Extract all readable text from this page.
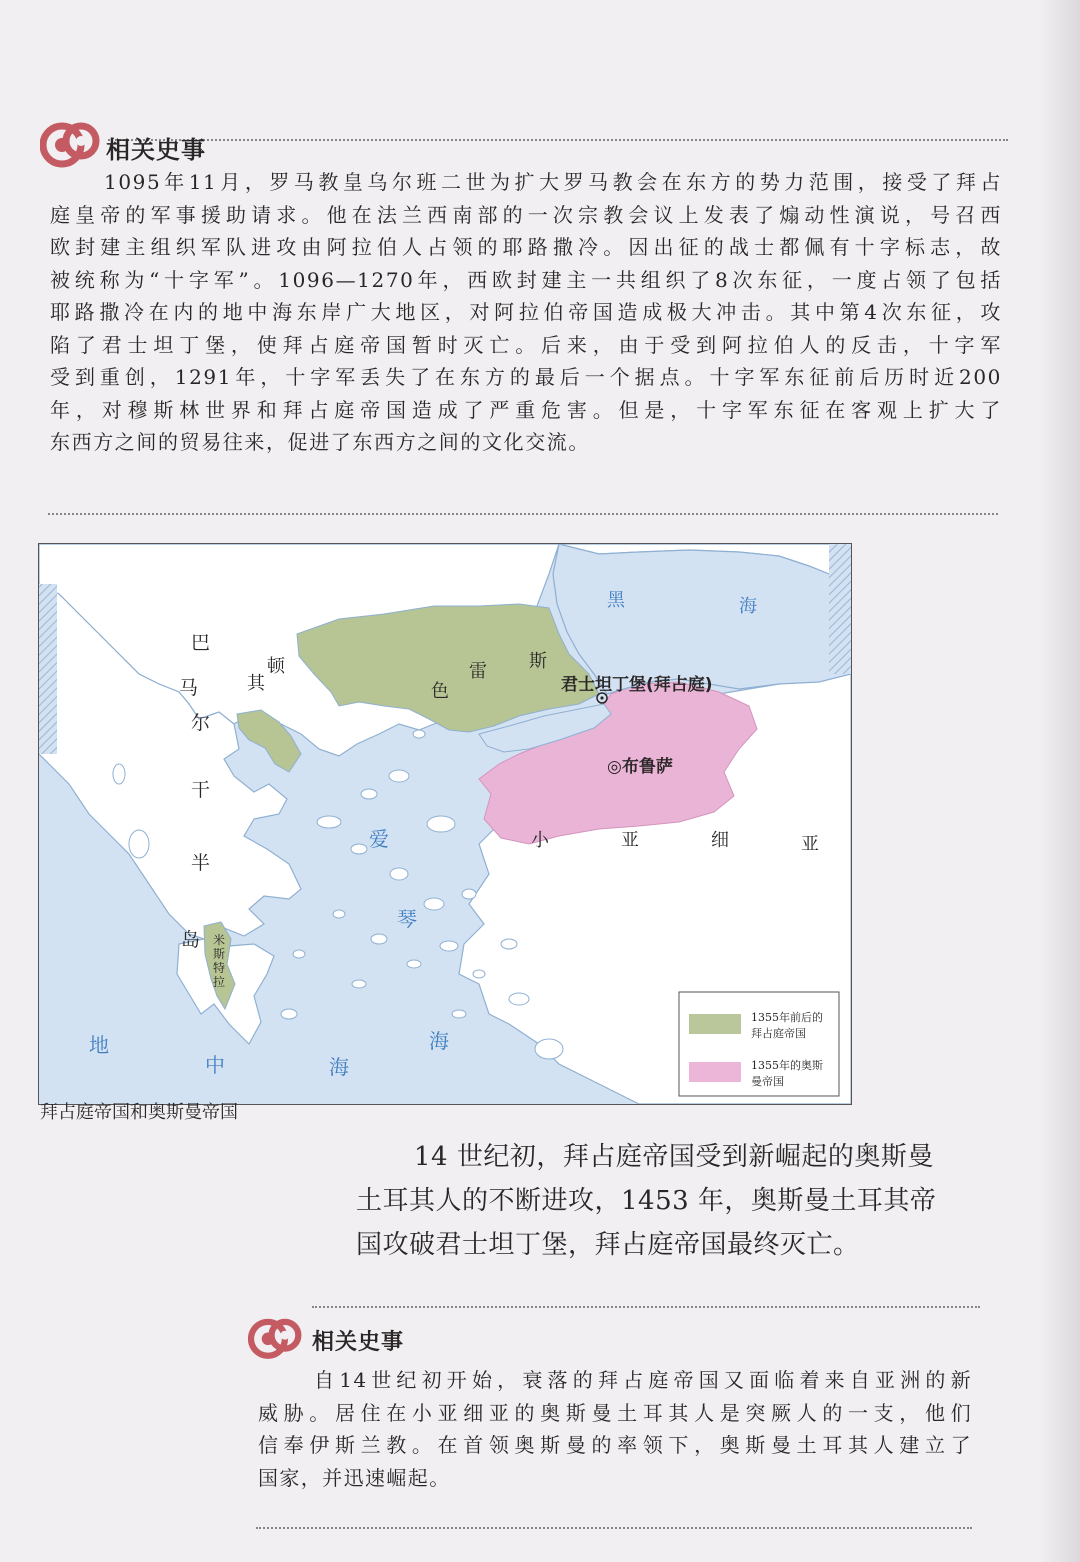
相关史事
1095年11月，罗马教皇乌尔班二世为扩大罗马教会在东方的势力范围，接受了拜占
庭皇帝的军事援助请求。他在法兰西南部的一次宗教会议上发表了煽动性演说，号召西
欧封建主组织军队进攻由阿拉伯人占领的耶路撒冷。因出征的战士都佩有十字标志，故
被统称为“十字军”。1096—1270年，西欧封建主一共组织了8次东征，一度占领了包括
耶路撒冷在内的地中海东岸广大地区，对阿拉伯帝国造成极大冲击。其中第4次东征，攻
陷了君士坦丁堡，使拜占庭帝国暂时灭亡。后来，由于受到阿拉伯人的反击，十字军
受到重创，1291年，十字军丢失了在东方的最后一个据点。十字军东征前后历时近200
年，对穆斯林世界和拜占庭帝国造成了严重危害。但是，十字军东征在客观上扩大了
东西方之间的贸易往来，促进了东西方之间的文化交流。
巴
尔
干
半
岛
马	其
顿
色
雷 斯
君士坦丁堡(拜占庭)
◎布鲁萨
小	亚	细	亚
黑	海
爱
琴
海
地
中	海
米
斯
特
拉
1355年前后的
拜占庭帝国
1355年的奥斯
曼帝国
拜占庭帝国和奥斯曼帝国
14 世纪初，拜占庭帝国受到新崛起的奥斯曼
土耳其人的不断进攻，1453 年，奥斯曼土耳其帝
国攻破君士坦丁堡，拜占庭帝国最终灭亡。
相关史事
自14世纪初开始，衰落的拜占庭帝国又面临着来自亚洲的新
威胁。居住在小亚细亚的奥斯曼土耳其人是突厥人的一支，他们
信奉伊斯兰教。在首领奥斯曼的率领下，奥斯曼土耳其人建立了
国家，并迅速崛起。
